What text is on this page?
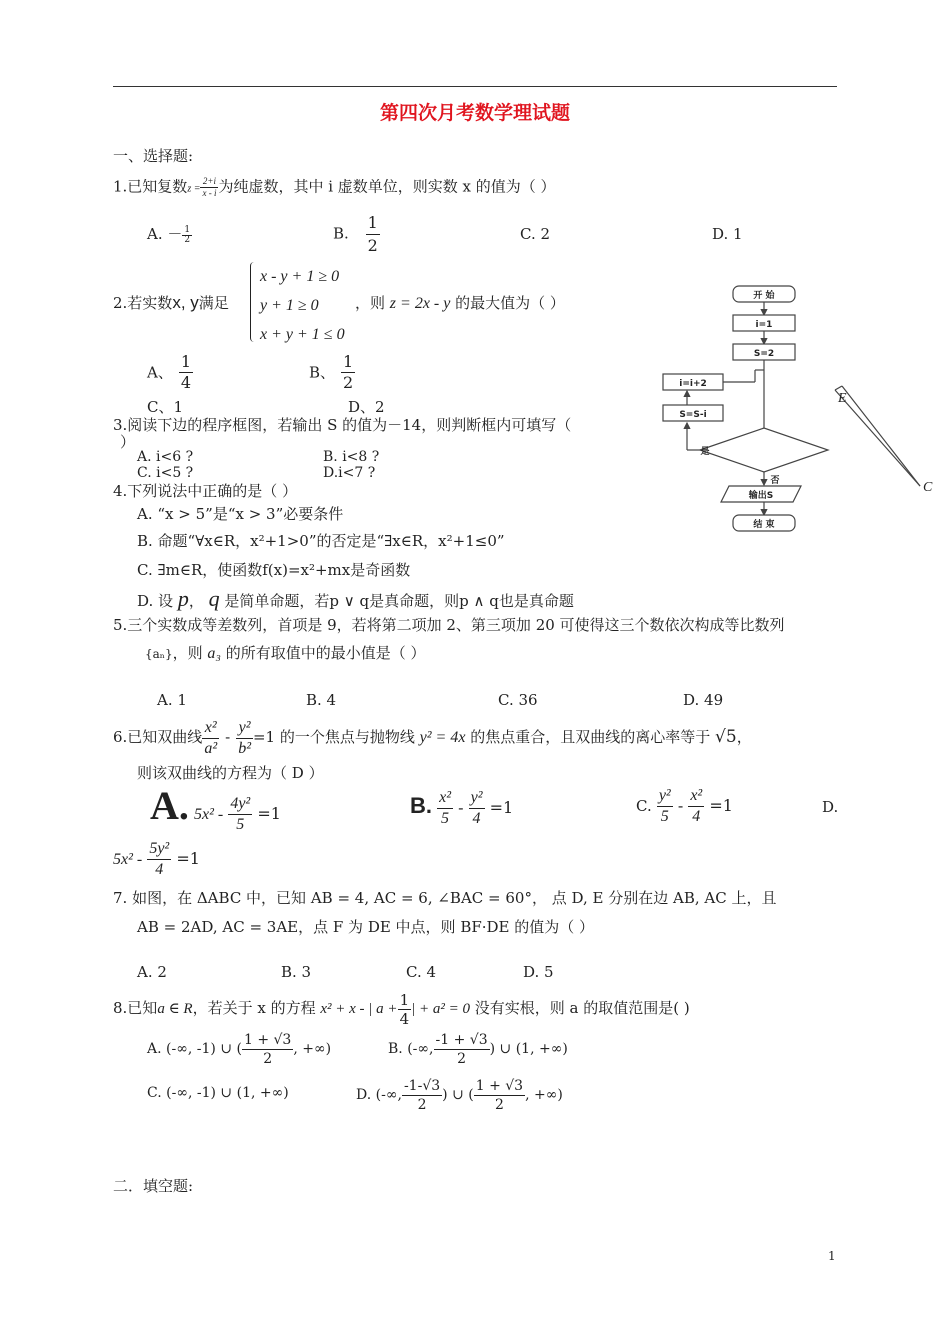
第四次月考数学理试题
一、选择题:
1.已知复数$z = \frac{2+i}{x - i}$ 为纯虚数，其中 i 虚数单位，则实数 x 的值为（ ）
A. － $\frac{1}{2}$	B. $\frac{1}{2}$	C. 2	D. 1
2.若实数x, y满足
x - y + 1 ≥ 0
y + 1 ≥ 0
x + y + 1 ≤ 0
，则 z = 2x - y 的最大值为（ ）
A、 $\frac{1}{4}$	B、 $\frac{1}{2}$
C、1	D、2
3.阅读下边的程序框图，若输出 S 的值为－14，则判断框内可填写（
）
A. i<6 ?	B. i<8 ?
C. i<5 ?	D.i<7 ?
开 始
i=1
S=2
i=i+2
S=S-i
是
否
输出S
结 束
E
C
4.下列说法中正确的是（ ）
A. “x > 5”是“x > 3”必要条件
B. 命题“∀x∈R，x²+1>0”的否定是“∃x∈R，x²+1≤0”
C. ∃m∈R，使函数f(x)=x²+mx是奇函数
D. 设 p， q 是简单命题，若p ∨ q是真命题，则p ∧ q也是真命题
5.三个实数成等差数列，首项是 9，若将第二项加 2、第三项加 20 可使得这三个数依次构成等比数列
{aₙ}，则 a₃ 的所有取值中的最小值是（ ）
A. 1	B. 4	C. 36	D. 49
6.已知双曲线 $\frac{\text{x²}}{\text{a²}} - \frac{\text{y²}}{\text{b²}} =1$ 的一个焦点与抛物线 y² = 4x 的焦点重合，且双曲线的离心率等于 √5，
则该双曲线的方程为（ D ）
A. $5x^2 - \frac{\text{4y²}}{5} =1$	B. $\frac{\text{x²}}{5} - \frac{\text{y²}}{4} =1$	C. $\frac{\text{y²}}{5} - \frac{\text{x²}}{4} =1$	D.
$5x^2 - \frac{\text{5y²}}{4} =1$
7. 如图，在 ΔABC 中，已知 AB = 4, AC = 6, ∠BAC = 60°， 点 D, E 分别在边 AB, AC 上，且
AB = 2AD, AC = 3AE，点 F 为 DE 中点，则 BF·DE 的值为（ ）
A. 2	B. 3	C. 4	D. 5
8.已知a ∈ R，若关于 x 的方程 x² + x - | $a + \frac{1}{4}$ | + a² = 0 没有实根，则 a 的取值范围是( )
A. (-∞, -1) ∪ ( $\frac{1 + √3}{2}$ , +∞)	B. (-∞, $\frac{-1 + √3}{2}$ ) ∪ (1, +∞)
C. (-∞, -1) ∪ (1, +∞)	D. (-∞, $\frac{-1-√3}{2}$ ) ∪ ( $\frac{1 + √3}{2}$ , +∞)
二．填空题:
1
